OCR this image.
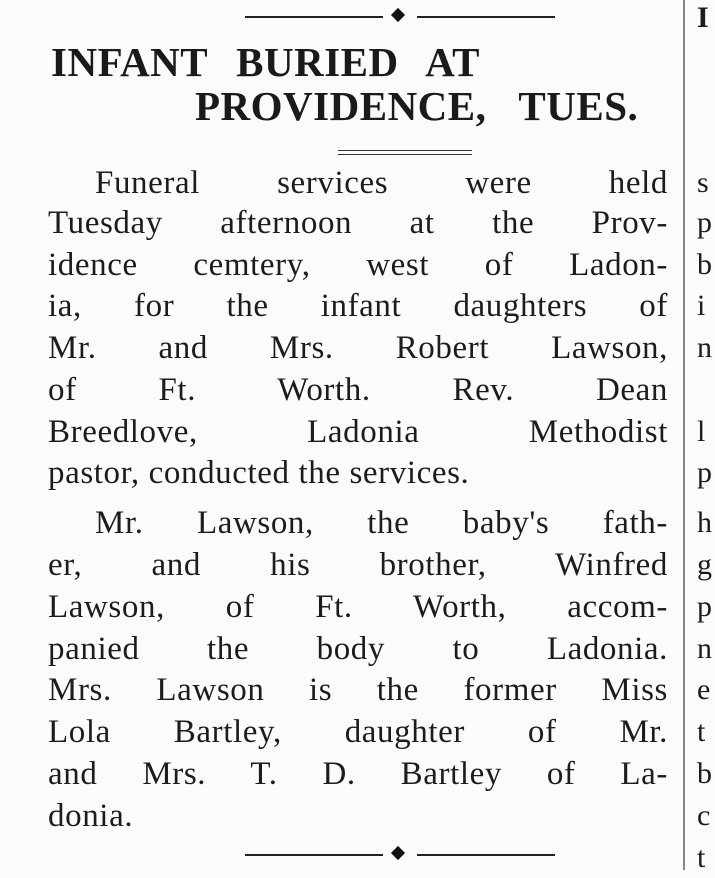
INFANT BURIED AT
PROVIDENCE, TUES.
Funeral services were held
Tuesday afternoon at the Prov-
idence cemtery, west of Ladon-
ia, for the infant daughters of
Mr. and Mrs. Robert Lawson,
of Ft. Worth. Rev. Dean
Breedlove, Ladonia Methodist
pastor, conducted the services.
Mr. Lawson, the baby's fath-
er, and his brother, Winfred
Lawson, of Ft. Worth, accom-
panied the body to Ladonia.
Mrs. Lawson is the former Miss
Lola Bartley, daughter of Mr.
and Mrs. T. D. Bartley of La-
donia.
I
s
p
b
i
n
l
p
h
g
p
n
e
t
b
c
t
